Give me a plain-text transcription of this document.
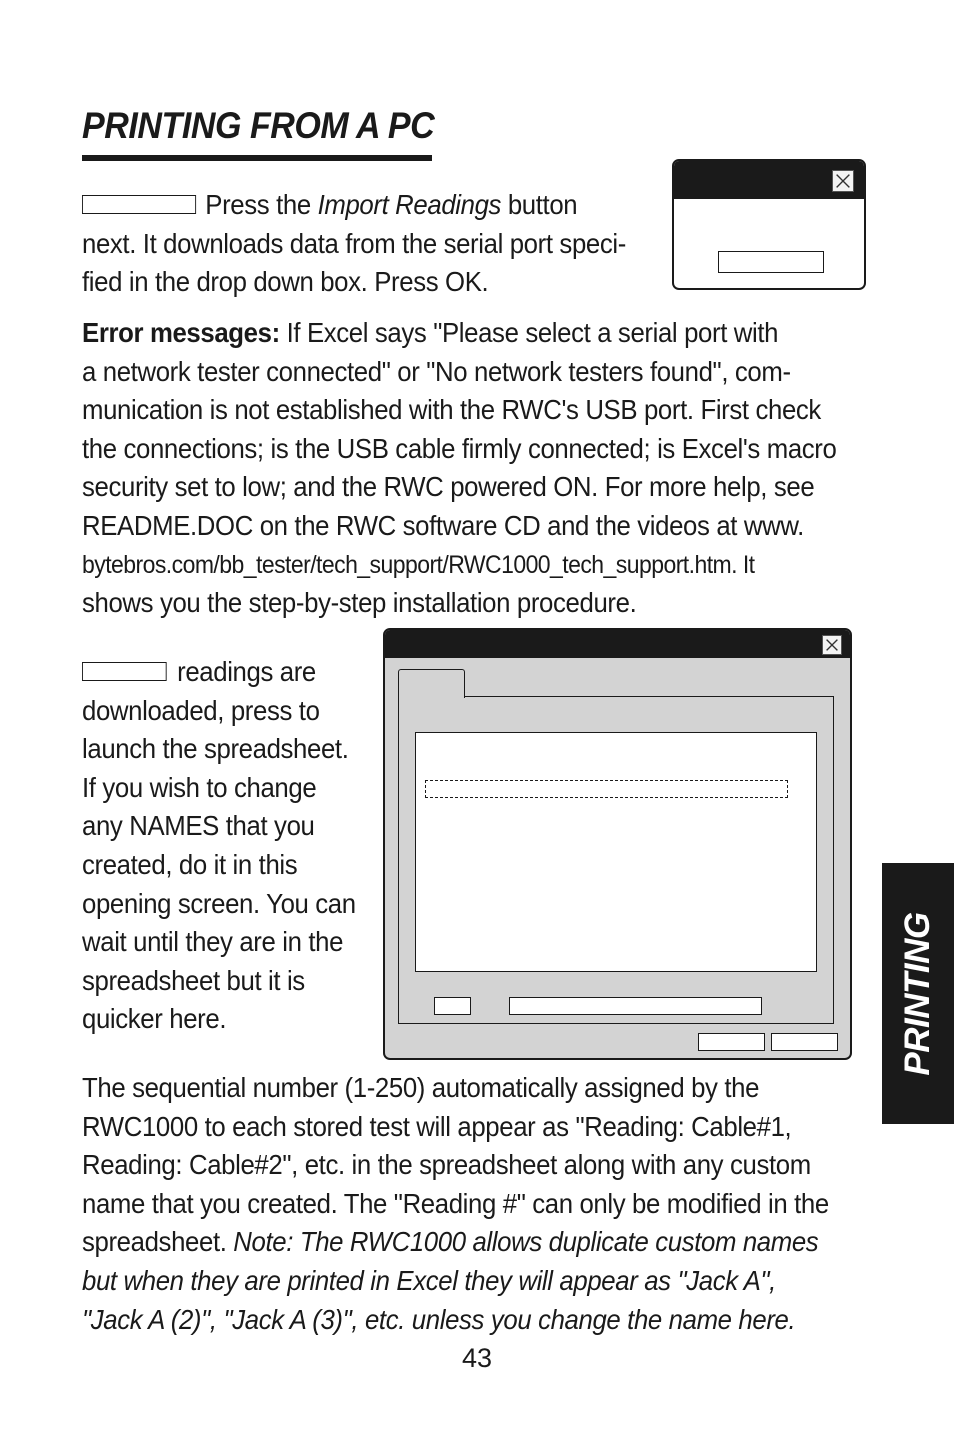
PRINTING FROM A PC
Press the Import Readings button
next. It downloads data from the serial port speci-
fied in the drop down box. Press OK.
Error messages: If Excel says "Please select a serial port with
a network tester connected" or "No network testers found", com-
munication is not established with the RWC's USB port. First check
the connections; is the USB cable firmly connected; is Excel's macro
security set to low; and the RWC powered ON. For more help, see
README.DOC on the RWC software CD and the videos at www.
bytebros.com/bb_tester/tech_support/RWC1000_tech_support.htm. It
shows you the step-by-step installation procedure.
readings are
downloaded, press to
launch the spreadsheet.
If you wish to change
any NAMES that you
created, do it in this
opening screen. You can
wait until they are in the
spreadsheet but it is
quicker here.
The sequential number (1-250) automatically assigned by the
RWC1000 to each stored test will appear as "Reading: Cable#1,
Reading: Cable#2", etc. in the spreadsheet along with any custom
name that you created. The "Reading #" can only be modified in the
spreadsheet. Note: The RWC1000 allows duplicate custom names
but when they are printed in Excel they will appear as "Jack A",
"Jack A (2)", "Jack A (3)", etc. unless you change the name here.
PRINTING
43
